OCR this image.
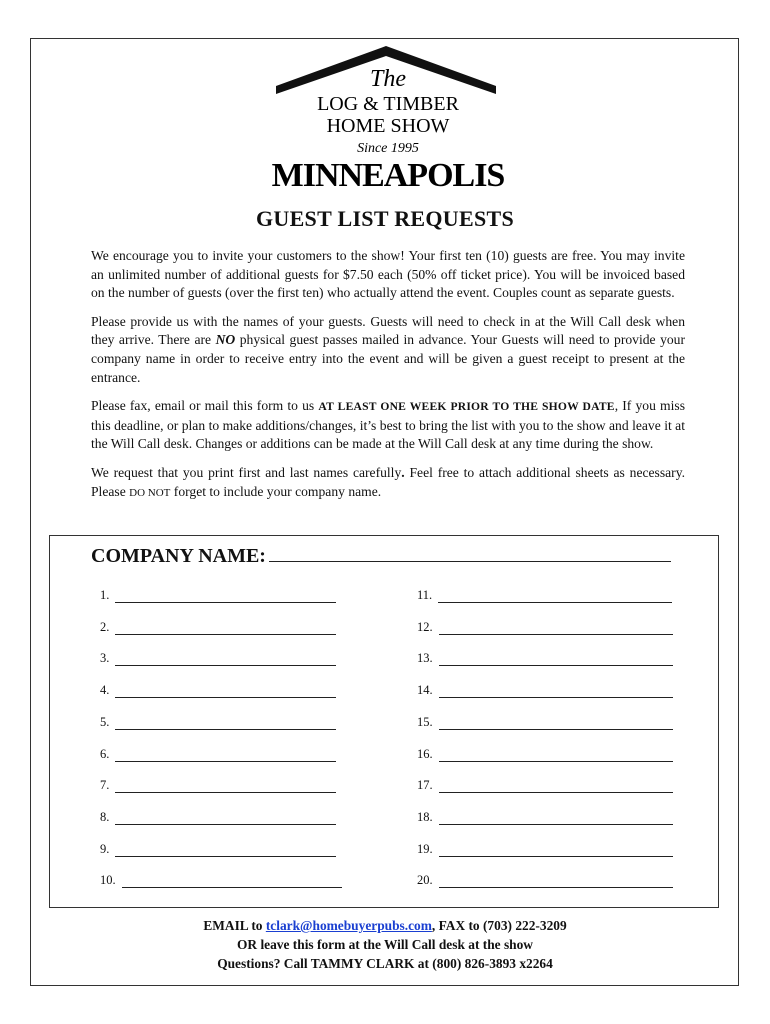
The
LOG & TIMBER
HOME SHOW
Since 1995
MINNEAPOLIS
GUEST LIST REQUESTS

We encourage you to invite your customers to the show! Your first ten (10) guests are free. You may invite an unlimited number of additional guests for $7.50 each (50% off ticket price). You will be invoiced based on the number of guests (over the first ten) who actually attend the event. Couples count as separate guests.

Please provide us with the names of your guests. Guests will need to check in at the Will Call desk when they arrive. There are NO physical guest passes mailed in advance. Your Guests will need to provide your company name in order to receive entry into the event and will be given a guest receipt to present at the entrance.

Please fax, email or mail this form to us AT LEAST ONE WEEK PRIOR TO THE SHOW DATE, If you miss this deadline, or plan to make additions/changes, it’s best to bring the list with you to the show and leave it at the Will Call desk. Changes or additions can be made at the Will Call desk at any time during the show.

We request that you print first and last names carefully. Feel free to attach additional sheets as necessary. Please DO NOT forget to include your company name.

COMPANY NAME:
1.
2.
3.
4.
5.
6.
7.
8.
9.
10.
11.
12.
13.
14.
15.
16.
17.
18.
19.
20.
EMAIL to tclark@homebuyerpubs.com, FAX to (703) 222-3209
OR leave this form at the Will Call desk at the show
Questions? Call TAMMY CLARK at (800) 826-3893 x2264
